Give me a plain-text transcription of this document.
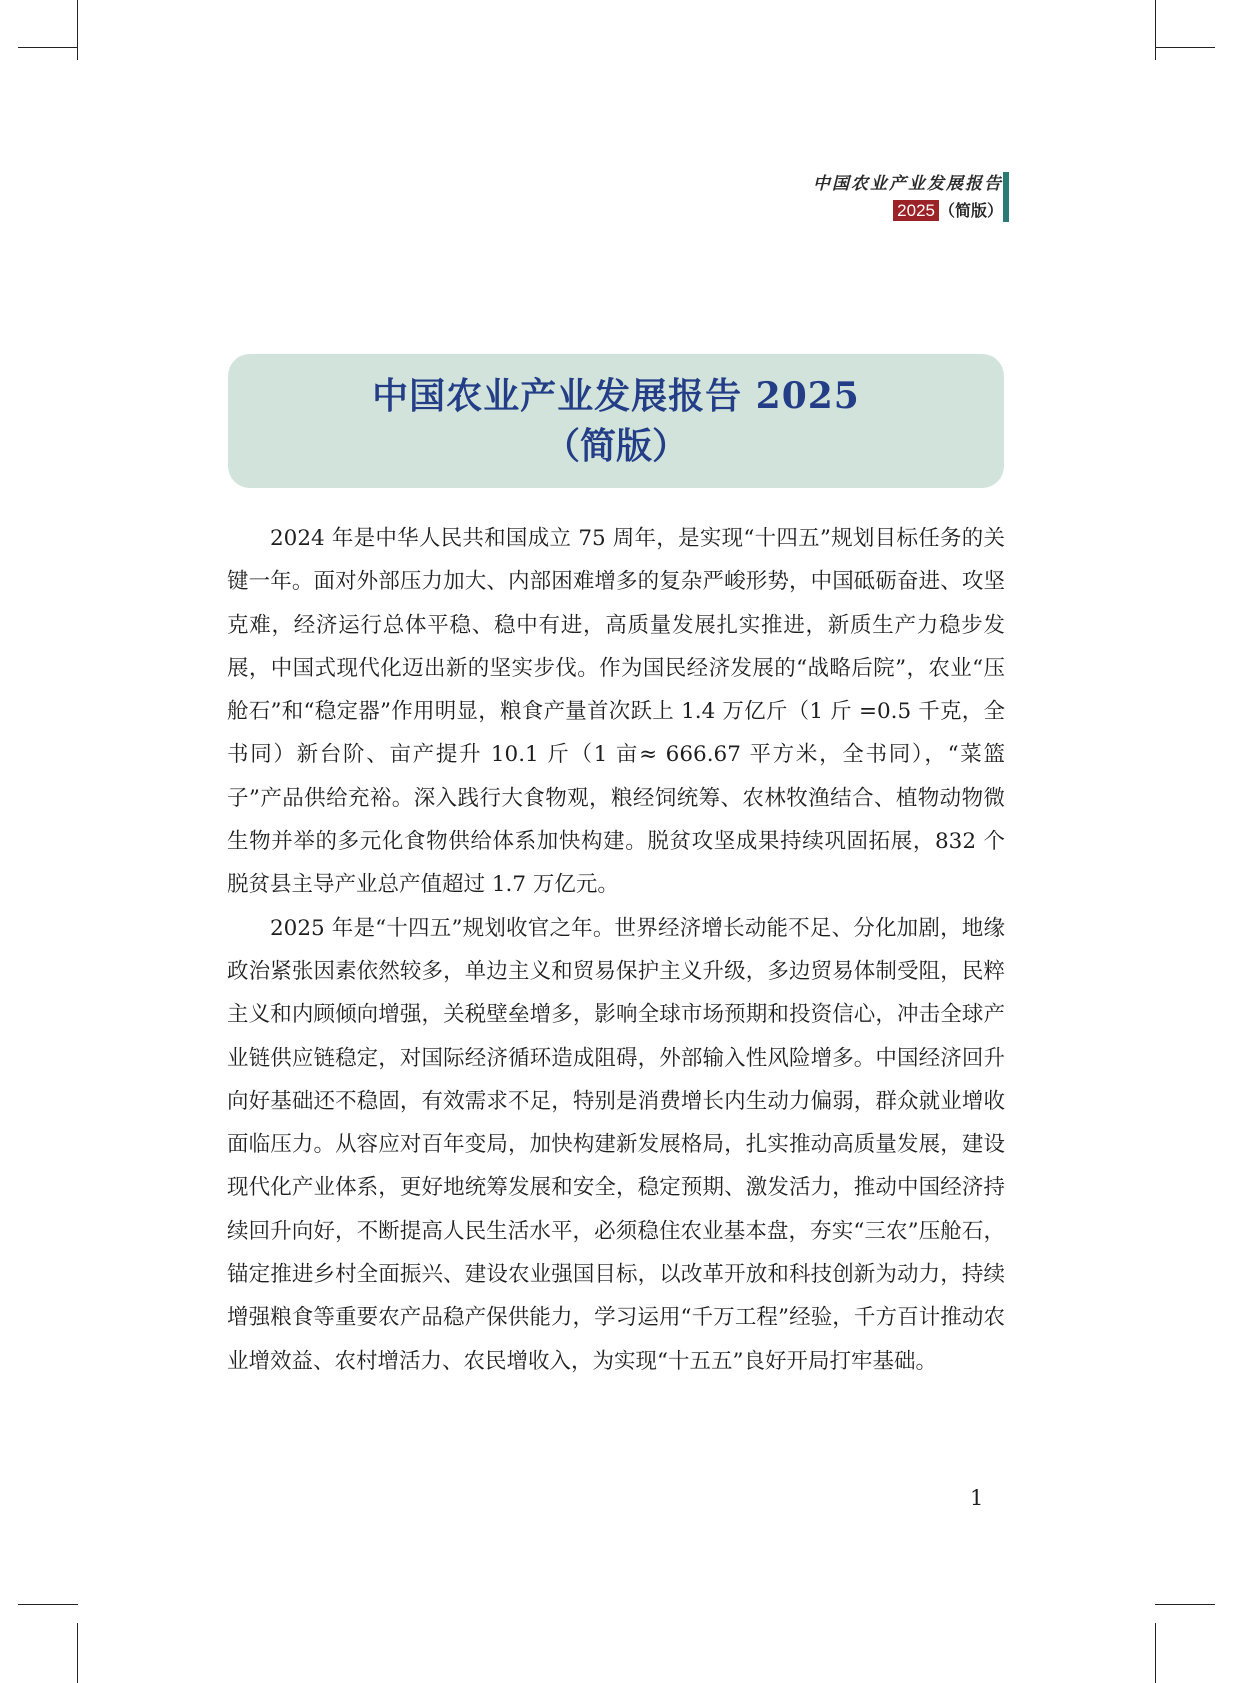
中国农业产业发展报告
2025 （简版）
中国农业产业发展报告 2025
（简版）

2024 年是中华人民共和国成立 75 周年，是实现“十四五”规划目标任务的关键一年。面对外部压力加大、内部困难增多的复杂严峻形势，中国砥砺奋进、攻坚克难，经济运行总体平稳、稳中有进，高质量发展扎实推进，新质生产力稳步发展，中国式现代化迈出新的坚实步伐。作为国民经济发展的“战略后院”，农业“压舱石”和“稳定器”作用明显，粮食产量首次跃上 1.4 万亿斤（1 斤 =0.5 千克，全书同）新台阶、亩产提升 10.1 斤（1 亩≈ 666.67 平方米，全书同），“菜篮子”产品供给充裕。深入践行大食物观，粮经饲统筹、农林牧渔结合、植物动物微生物并举的多元化食物供给体系加快构建。脱贫攻坚成果持续巩固拓展，832 个脱贫县主导产业总产值超过 1.7 万亿元。

2025 年是“十四五”规划收官之年。世界经济增长动能不足、分化加剧，地缘政治紧张因素依然较多，单边主义和贸易保护主义升级，多边贸易体制受阻，民粹主义和内顾倾向增强，关税壁垒增多，影响全球市场预期和投资信心，冲击全球产业链供应链稳定，对国际经济循环造成阻碍，外部输入性风险增多。中国经济回升向好基础还不稳固，有效需求不足，特别是消费增长内生动力偏弱，群众就业增收面临压力。从容应对百年变局，加快构建新发展格局，扎实推动高质量发展，建设现代化产业体系，更好地统筹发展和安全，稳定预期、激发活力，推动中国经济持续回升向好，不断提高人民生活水平，必须稳住农业基本盘，夯实“三农”压舱石，锚定推进乡村全面振兴、建设农业强国目标，以改革开放和科技创新为动力，持续增强粮食等重要农产品稳产保供能力，学习运用“千万工程”经验，千方百计推动农业增效益、农村增活力、农民增收入，为实现“十五五”良好开局打牢基础。

1
